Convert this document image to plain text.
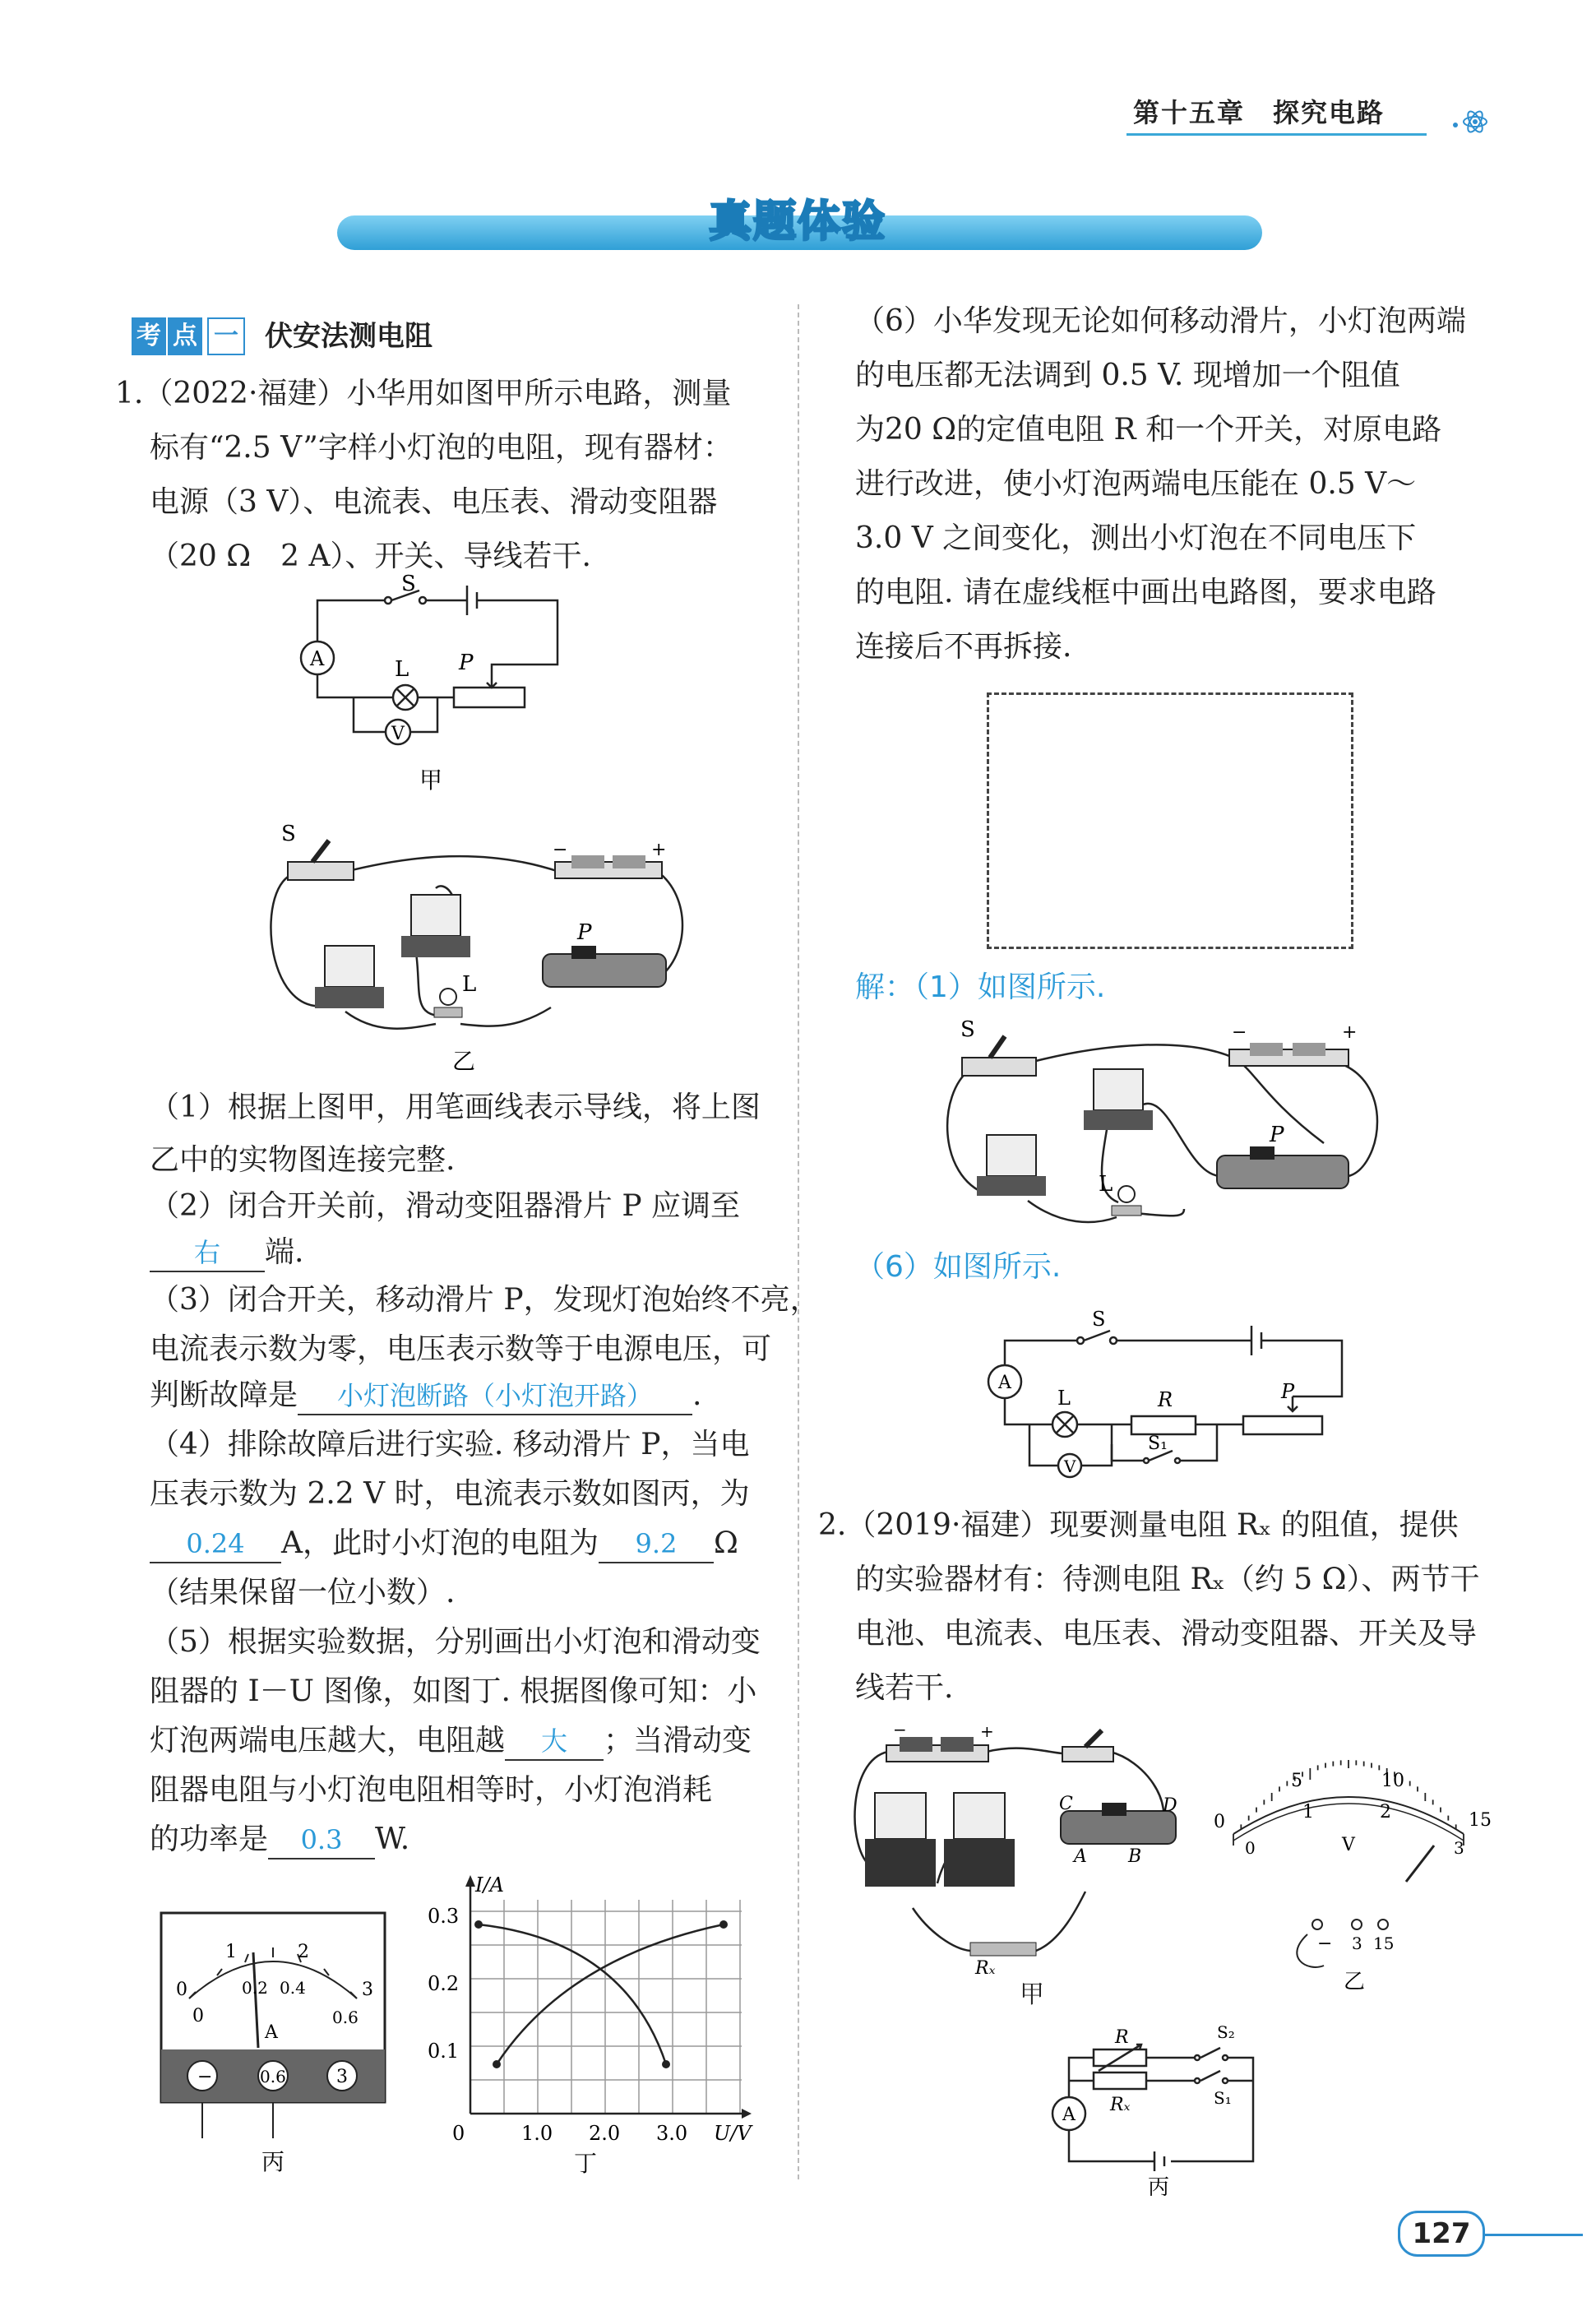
第十五章　探究电路
真题体验
考 点 一 伏安法测电阻
1.（2022·福建）小华用如图甲所示电路，测量
标有“2.5 V”字样小灯泡的电阻，现有器材：
电源（3 V）、电流表、电压表、滑动变阻器
（20 Ω　2 A）、开关、导线若干.
S
A	L
V
P
甲
S
L
P
−	+
乙
（1）根据上图甲，用笔画线表示导线，将上图
乙中的实物图连接完整.
（2）闭合开关前，滑动变阻器滑片 P 应调至
右 端.
（3）闭合开关，移动滑片 P，发现灯泡始终不亮，
电流表示数为零，电压表示数等于电源电压，可
判断故障是 小灯泡断路（小灯泡开路） .
（4）排除故障后进行实验. 移动滑片 P，当电
压表示数为 2.2 V 时，电流表示数如图丙，为
0.24 A，此时小灯泡的电阻为 9.2 Ω
（结果保留一位小数）.
（5）根据实验数据，分别画出小灯泡和滑动变
阻器的 I－U 图像，如图丁. 根据图像可知：小
灯泡两端电压越大，电阻越 大 ；当滑动变
阻器电阻与小灯泡电阻相等时，小灯泡消耗
的功率是 0.3 W.
0
1	2
3
0
0.2 0.4
0.6
A
−	0.6	3
丙
I/A
U/V
0.3
0.2
0.1
0	1.0 2.0 3.0
丁
（6）小华发现无论如何移动滑片，小灯泡两端
的电压都无法调到 0.5 V. 现增加一个阻值
为20 Ω的定值电阻 R 和一个开关，对原电路
进行改进，使小灯泡两端电压能在 0.5 V～
3.0 V 之间变化，测出小灯泡在不同电压下
的电阻. 请在虚线框中画出电路图，要求电路
连接后不再拆接.
解：（1）如图所示.
S
L
P
−	+
（6）如图所示.
S
A
L	R	P
V
S₁
2.（2019·福建）现要测量电阻 Rₓ 的阻值，提供
的实验器材有：待测电阻 Rₓ（约 5 Ω）、两节干
电池、电流表、电压表、滑动变阻器、开关及导
线若干.
C	D
A B
Rₓ
−	+
甲
5	10
0	1	2	15
0	3
V
− 3 15
乙
A
R	S₂
Rₓ	S₁
丙
127
